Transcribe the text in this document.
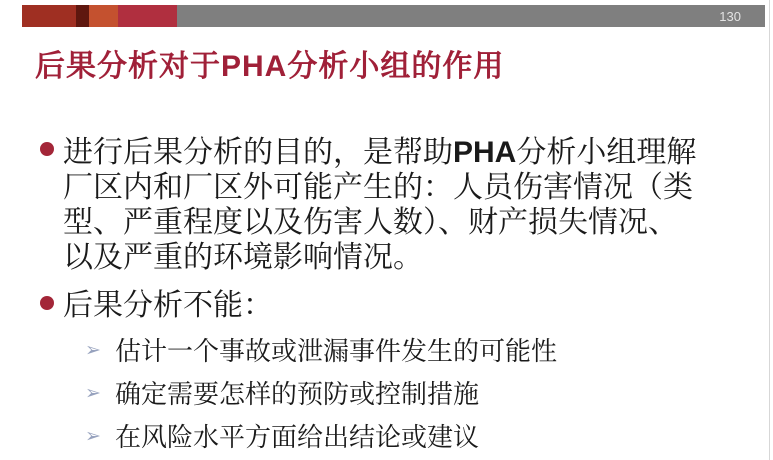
130
后果分析对于PHA分析小组的作用
进行后果分析的目的，是帮助PHA分析小组理解
厂区内和厂区外可能产生的：人员伤害情况（类
型、严重程度以及伤害人数）、财产损失情况、
以及严重的环境影响情况。
后果分析不能：
➢ 估计一个事故或泄漏事件发生的可能性
➢ 确定需要怎样的预防或控制措施
➢ 在风险水平方面给出结论或建议
